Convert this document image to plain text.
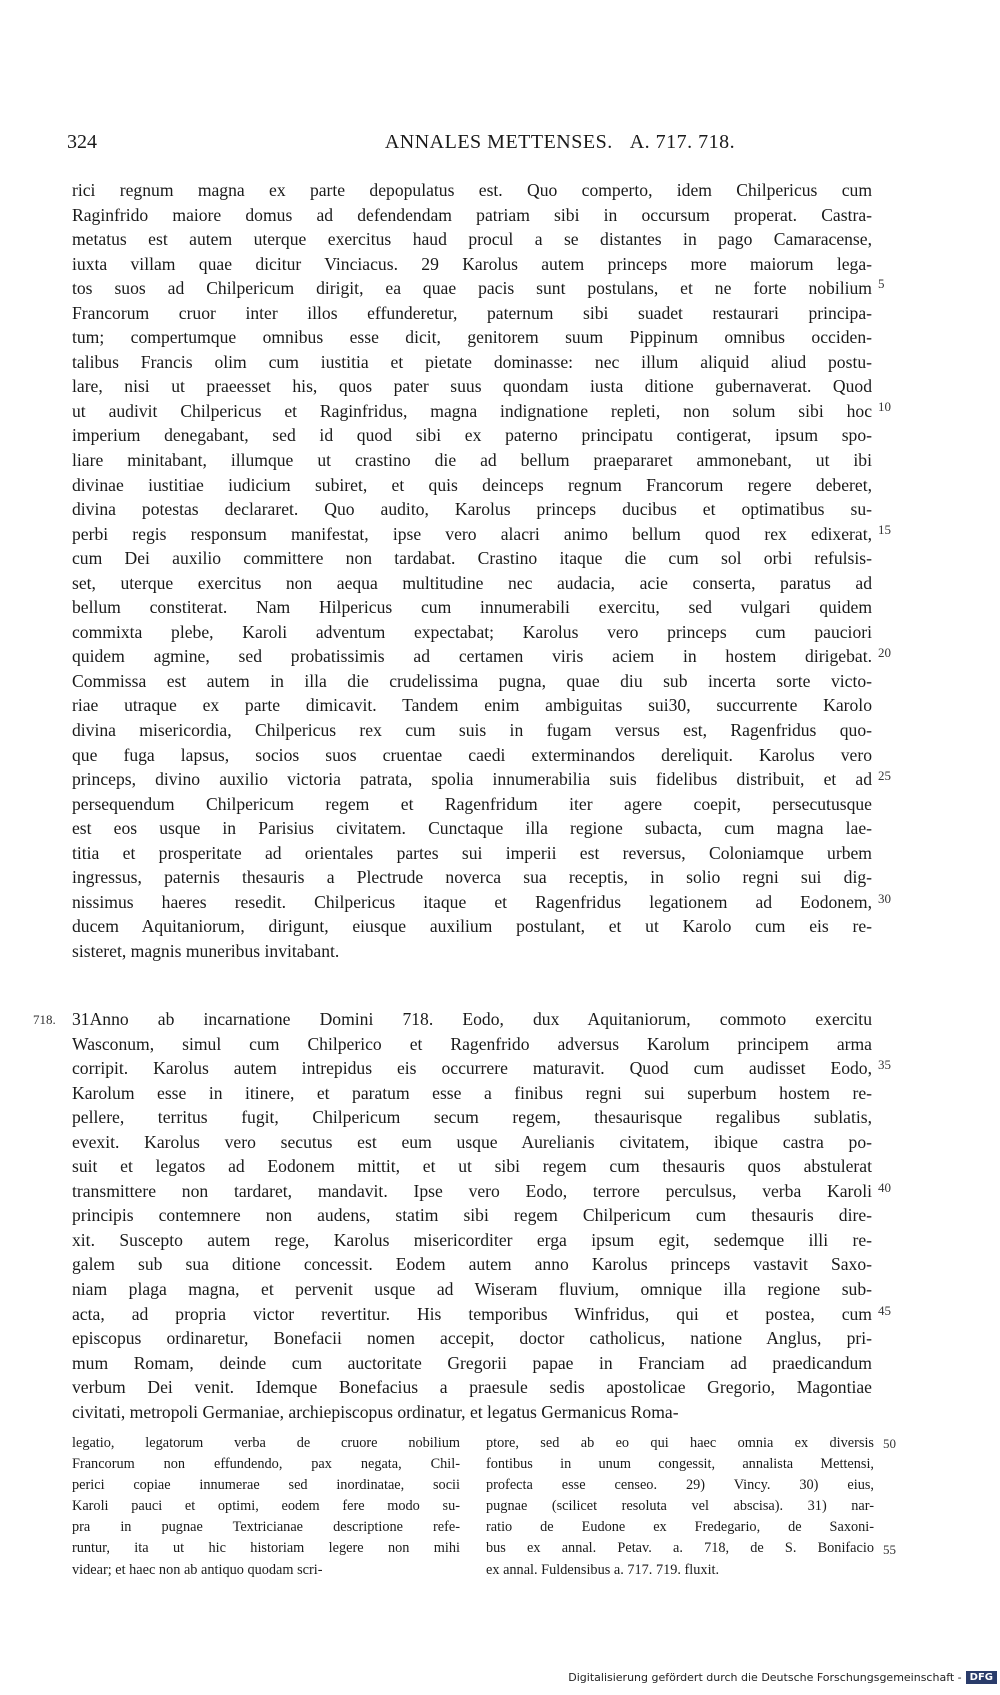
324	ANNALES METTENSES. A. 717. 718.
rici regnum magna ex parte depopulatus est. Quo comperto, idem Chilpericus cum
Raginfrido maiore domus ad defendendam patriam sibi in occursum properat. Castra-
metatus est autem uterque exercitus haud procul a se distantes in pago Camaracense,
iuxta villam quae dicitur Vinciacus. 29 Karolus autem princeps more maiorum lega-
tos suos ad Chilpericum dirigit, ea quae pacis sunt postulans, et ne forte nobilium
Francorum cruor inter illos effunderetur, paternum sibi suadet restaurari principa-
tum; compertumque omnibus esse dicit, genitorem suum Pippinum omnibus occiden-
talibus Francis olim cum iustitia et pietate dominasse: nec illum aliquid aliud postu-
lare, nisi ut praeesset his, quos pater suus quondam iusta ditione gubernaverat. Quod
ut audivit Chilpericus et Raginfridus, magna indignatione repleti, non solum sibi hoc
imperium denegabant, sed id quod sibi ex paterno principatu contigerat, ipsum spo-
liare minitabant, illumque ut crastino die ad bellum praepararet ammonebant, ut ibi
divinae iustitiae iudicium subiret, et quis deinceps regnum Francorum regere deberet,
divina potestas declararet. Quo audito, Karolus princeps ducibus et optimatibus su-
perbi regis responsum manifestat, ipse vero alacri animo bellum quod rex edixerat,
cum Dei auxilio committere non tardabat. Crastino itaque die cum sol orbi refulsis-
set, uterque exercitus non aequa multitudine nec audacia, acie conserta, paratus ad
bellum constiterat. Nam Hilpericus cum innumerabili exercitu, sed vulgari quidem
commixta plebe, Karoli adventum expectabat; Karolus vero princeps cum pauciori
quidem agmine, sed probatissimis ad certamen viris aciem in hostem dirigebat.
Commissa est autem in illa die crudelissima pugna, quae diu sub incerta sorte victo-
riae utraque ex parte dimicavit. Tandem enim ambiguitas sui30, succurrente Karolo
divina misericordia, Chilpericus rex cum suis in fugam versus est, Ragenfridus quo-
que fuga lapsus, socios suos cruentae caedi exterminandos dereliquit. Karolus vero
princeps, divino auxilio victoria patrata, spolia innumerabilia suis fidelibus distribuit, et ad
persequendum Chilpericum regem et Ragenfridum iter agere coepit, persecutusque
est eos usque in Parisius civitatem. Cunctaque illa regione subacta, cum magna lae-
titia et prosperitate ad orientales partes sui imperii est reversus, Coloniamque urbem
ingressus, paternis thesauris a Plectrude noverca sua receptis, in solio regni sui dig-
nissimus haeres resedit. Chilpericus itaque et Ragenfridus legationem ad Eodonem,
ducem Aquitaniorum, dirigunt, eiusque auxilium postulant, et ut Karolo cum eis re-
sisteret, magnis muneribus invitabant.
718. 31Anno ab incarnatione Domini 718. Eodo, dux Aquitaniorum, commoto exercitu
Wasconum, simul cum Chilperico et Ragenfrido adversus Karolum principem arma
corripit. Karolus autem intrepidus eis occurrere maturavit. Quod cum audisset Eodo,
Karolum esse in itinere, et paratum esse a finibus regni sui superbum hostem re-
pellere, territus fugit, Chilpericum secum regem, thesaurisque regalibus sublatis,
evexit. Karolus vero secutus est eum usque Aurelianis civitatem, ibique castra po-
suit et legatos ad Eodonem mittit, et ut sibi regem cum thesauris quos abstulerat
transmittere non tardaret, mandavit. Ipse vero Eodo, terrore perculsus, verba Karoli
principis contemnere non audens, statim sibi regem Chilpericum cum thesauris dire-
xit. Suscepto autem rege, Karolus misericorditer erga ipsum egit, sedemque illi re-
galem sub sua ditione concessit. Eodem autem anno Karolus princeps vastavit Saxo-
niam plaga magna, et pervenit usque ad Wiseram fluvium, omnique illa regione sub-
acta, ad propria victor revertitur. His temporibus Winfridus, qui et postea, cum
episcopus ordinaretur, Bonefacii nomen accepit, doctor catholicus, natione Anglus, pri-
mum Romam, deinde cum auctoritate Gregorii papae in Franciam ad praedicandum
verbum Dei venit. Idemque Bonefacius a praesule sedis apostolicae Gregorio, Magontiae
civitati, metropoli Germaniae, archiepiscopus ordinatur, et legatus Germanicus Roma-
5
10
15
20
25
30
35
40
45
legatio, legatorum verba de cruore nobilium
Francorum non effundendo, pax negata, Chil-
perici copiae innumerae sed inordinatae, socii
Karoli pauci et optimi, eodem fere modo su-
pra in pugnae Textricianae descriptione refe-
runtur, ita ut hic historiam legere non mihi
videar; et haec non ab antiquo quodam scri-
ptore, sed ab eo qui haec omnia ex diversis
fontibus in unum congessit, annalista Mettensi,
profecta esse censeo. 29) Vincy. 30) eius,
pugnae (scilicet resoluta vel abscisa). 31) nar-
ratio de Eudone ex Fredegario, de Saxoni-
bus ex annal. Petav. a. 718, de S. Bonifacio
ex annal. Fuldensibus a. 717. 719. fluxit.
50
55
Digitalisierung gefördert durch die Deutsche Forschungsgemeinschaft - DFG
